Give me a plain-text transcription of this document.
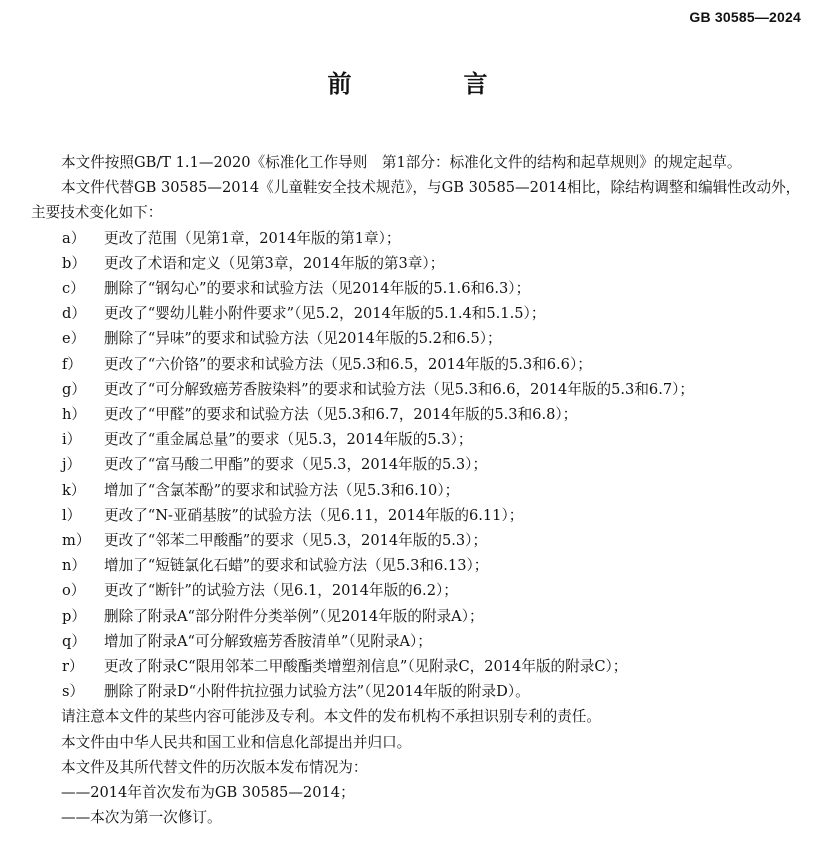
GB 30585—2024
前　言

本文件按照GB/T 1.1—2020《标准化工作导则　第1部分：标准化文件的结构和起草规则》的规定起草。

本文件代替GB 30585—2014《儿童鞋安全技术规范》，与GB 30585—2014相比，除结构调整和编辑性改动外，主要技术变化如下：

a）	更改了范围（见第1章，2014年版的第1章）；
b）	更改了术语和定义（见第3章，2014年版的第3章）；
c）	删除了“钢勾心”的要求和试验方法（见2014年版的5.1.6和6.3）；
d）	更改了“婴幼儿鞋小附件要求”（见5.2，2014年版的5.1.4和5.1.5）；
e）	删除了“异味”的要求和试验方法（见2014年版的5.2和6.5）；
f）	更改了“六价铬”的要求和试验方法（见5.3和6.5，2014年版的5.3和6.6）；
g）	更改了“可分解致癌芳香胺染料”的要求和试验方法（见5.3和6.6，2014年版的5.3和6.7）；
h）	更改了“甲醛”的要求和试验方法（见5.3和6.7，2014年版的5.3和6.8）；
i）	更改了“重金属总量”的要求（见5.3，2014年版的5.3）；
j）	更改了“富马酸二甲酯”的要求（见5.3，2014年版的5.3）；
k）	增加了“含氯苯酚”的要求和试验方法（见5.3和6.10）；
l）	更改了“N-亚硝基胺”的试验方法（见6.11，2014年版的6.11）；
m） 更改了“邻苯二甲酸酯”的要求（见5.3，2014年版的5.3）；
n）	增加了“短链氯化石蜡”的要求和试验方法（见5.3和6.13）；
o）	更改了“断针”的试验方法（见6.1，2014年版的6.2）；
p）	删除了附录A“部分附件分类举例”（见2014年版的附录A）；
q）	增加了附录A“可分解致癌芳香胺清单”（见附录A）；
r）	更改了附录C“限用邻苯二甲酸酯类增塑剂信息”（见附录C，2014年版的附录C）；
s）	删除了附录D“小附件抗拉强力试验方法”（见2014年版的附录D）。

请注意本文件的某些内容可能涉及专利。本文件的发布机构不承担识别专利的责任。

本文件由中华人民共和国工业和信息化部提出并归口。

本文件及其所代替文件的历次版本发布情况为：

——2014年首次发布为GB 30585—2014；

——本次为第一次修订。
